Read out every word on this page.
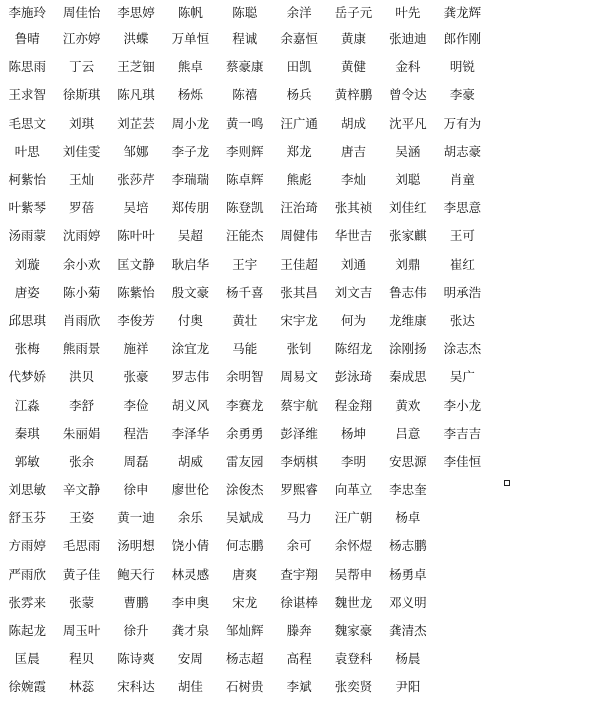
李施玲	周佳怡	李思婷	陈帆	陈聪	余洋	岳子元	叶先	龚龙辉
鲁晴	江亦婷	洪蝶	万单恒	程诚	余嘉恒	黄康	张迪迪	郎作刚
陈思雨	丁云	王芝钿	熊卓	蔡豪康	田凯	黄健	金科	明锐
王求智	徐斯琪	陈凡琪	杨烁	陈禧	杨兵	黄梓鹏	曾令达	李豪
毛思文	刘琪	刘芷芸	周小龙	黄一鸣	汪广通	胡成	沈平凡	万有为
叶思	刘佳雯	邹娜	李子龙	李则辉	郑龙	唐吉	吴涵	胡志豪
柯紫怡	王灿	张莎芹	李瑞瑞	陈卓辉	熊彪	李灿	刘聪	肖童
叶紫琴	罗蓓	吴培	郑传朋	陈登凯	汪治琦	张其祯	刘佳红	李思意
汤雨蒙	沈雨婷	陈叶叶	吴超	汪能杰	周健伟	华世吉	张家麒	王可
刘璇	余小欢	匡文静	耿启华	王宇	王佳超	刘通	刘鼎	崔红
唐姿	陈小菊	陈紫怡	殷文豪	杨千喜	张其昌	刘文吉	鲁志伟	明承浩
邱思琪	肖雨欣	李俊芳	付奥	黄壮	宋宇龙	何为	龙维康	张达
张梅	熊雨景	施祥	涂宜龙	马能	张钊	陈绍龙	涂刚扬	涂志杰
代梦娇	洪贝	张豪	罗志伟	余明智	周易文	彭泳琦	秦成思	吴广
江淼	李舒	李俭	胡义风	李赛龙	蔡宇航	程金翔	黄欢	李小龙
秦琪	朱丽娟	程浩	李泽华	余勇勇	彭泽维	杨坤	吕意	李吉吉
郭敏	张余	周磊	胡威	雷友园	李炳棋	李明	安思源	李佳恒
刘思敏	辛文静	徐申	廖世伦	涂俊杰	罗熙睿	向革立	李忠奎
舒玉芬	王姿	黄一迪	余乐	吴斌成	马力	汪广朝	杨卓
方雨婷	毛思雨	汤明想	饶小倩	何志鹏	余可	余怀煜	杨志鹏
严雨欣	黄子佳	鲍天行	林灵感	唐爽	查宇翔	吴帮申	杨勇卓
张雰来	张蒙	曹鹏	李申奥	宋龙	徐谌棒	魏世龙	邓义明
陈起龙	周玉叶	徐升	龚才泉	邹灿辉	滕奔	魏家豪	龚清杰
匡晨	程贝	陈诗爽	安周	杨志超	高程	袁登科	杨晨
徐婉霞	林蕊	宋科达	胡佳	石树贵	李斌	张奕贤	尹阳
